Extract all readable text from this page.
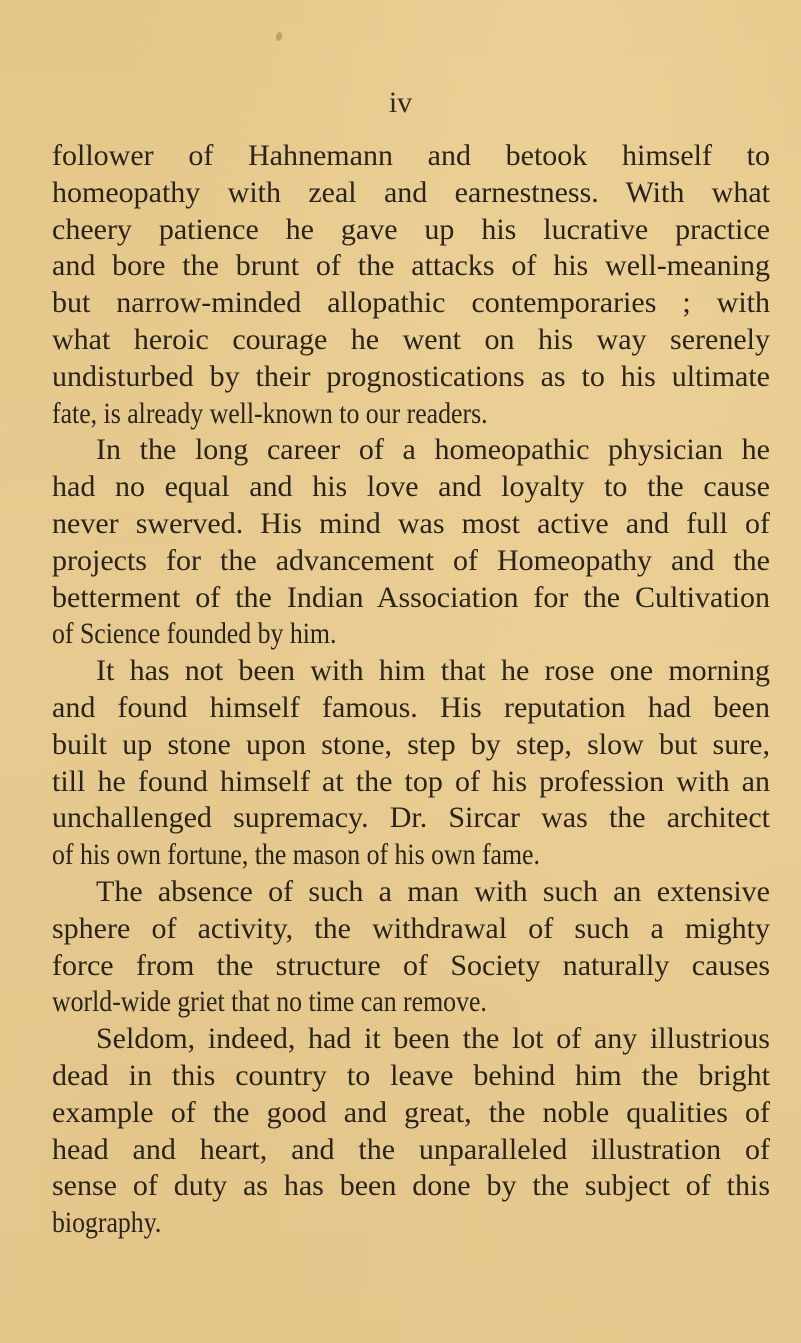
iv
follower of Hahnemann and betook himself to
homeopathy with zeal and earnestness. With what
cheery patience he gave up his lucrative practice
and bore the brunt of the attacks of his well-meaning
but narrow-minded allopathic contemporaries ; with
what heroic courage he went on his way serenely
undisturbed by their prognostications as to his ultimate
fate, is already well-known to our readers.
In the long career of a homeopathic physician he
had no equal and his love and loyalty to the cause
never swerved. His mind was most active and full of
projects for the advancement of Homeopathy and the
betterment of the Indian Association for the Cultivation
of Science founded by him.
It has not been with him that he rose one morning
and found himself famous. His reputation had been
built up stone upon stone, step by step, slow but sure,
till he found himself at the top of his profession with an
unchallenged supremacy. Dr. Sircar was the architect
of his own fortune, the mason of his own fame.
The absence of such a man with such an extensive
sphere of activity, the withdrawal of such a mighty
force from the structure of Society naturally causes
world-wide griet that no time can remove.
Seldom, indeed, had it been the lot of any illustrious
dead in this country to leave behind him the bright
example of the good and great, the noble qualities of
head and heart, and the unparalleled illustration of
sense of duty as has been done by the subject of this
biography.
